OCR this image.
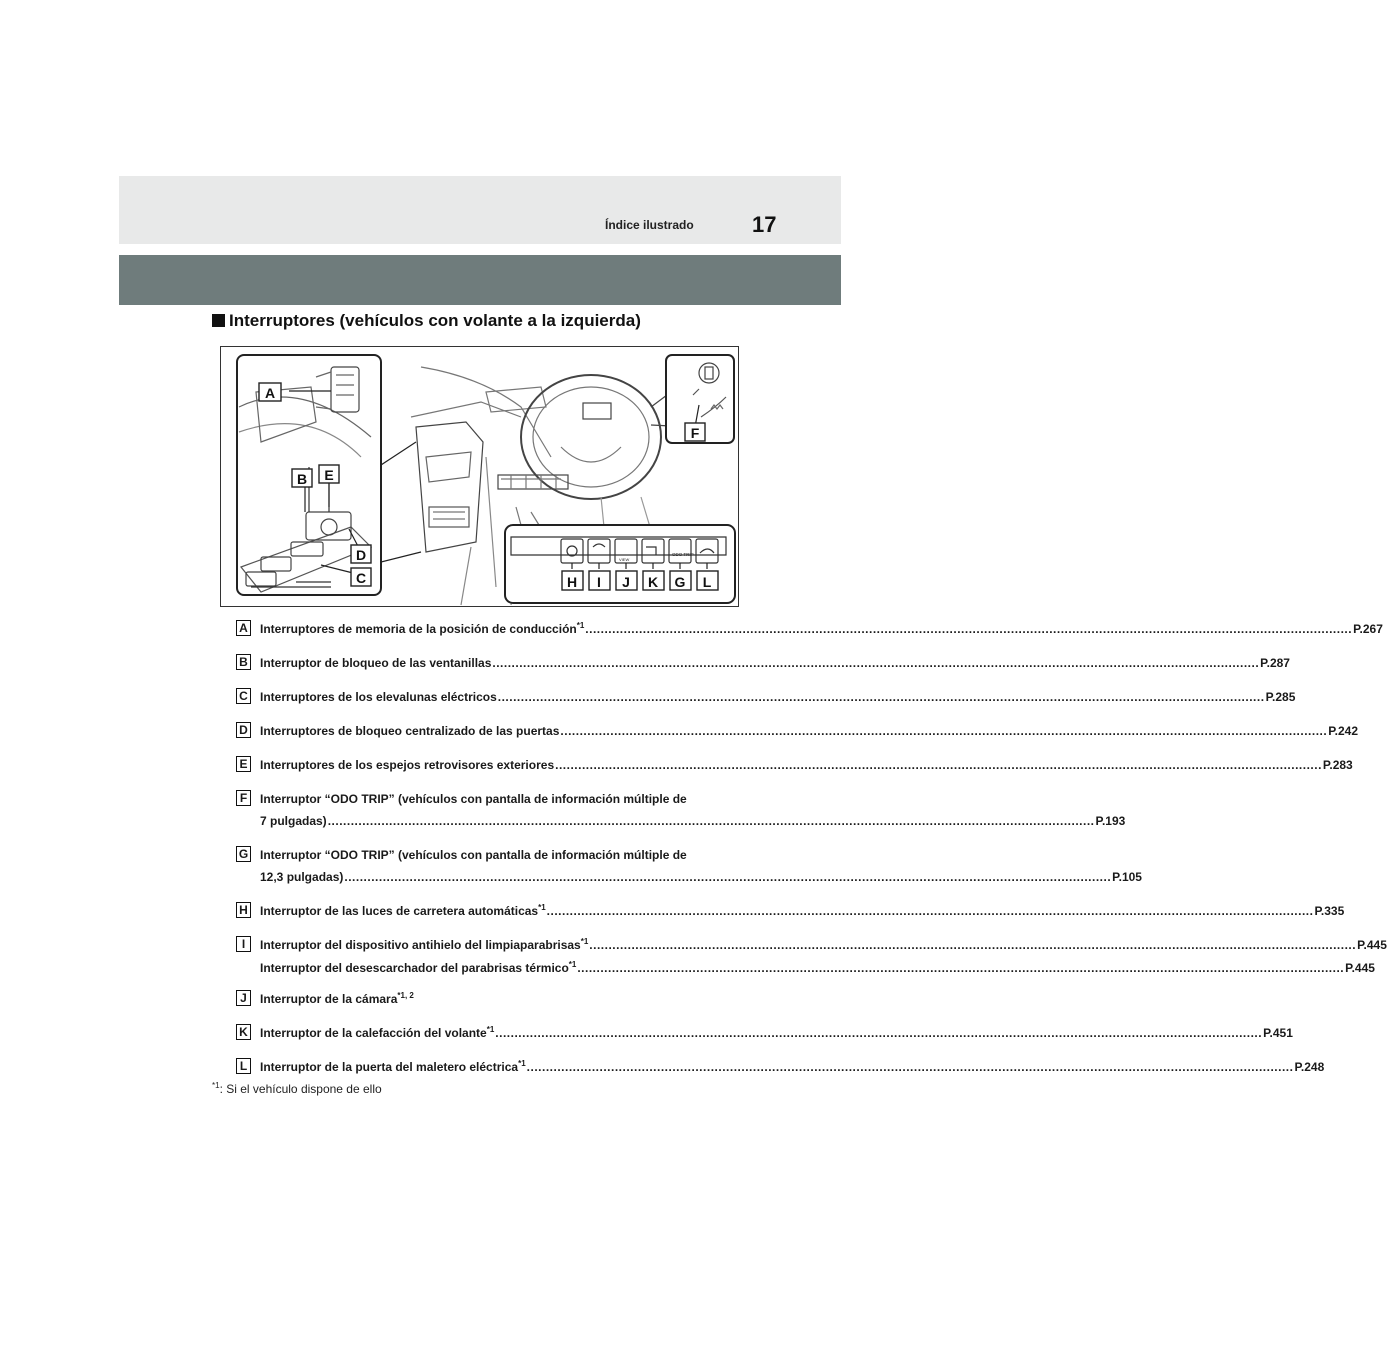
Índice ilustrado	17
Interruptores (vehículos con volante a la izquierda)
VIEW
ODO TRIP
A
B E
D
C
F
H I J K G L
A Interruptores de memoria de la posición de conducción$^{*1}$ ........................................................................................................................................................................................................ P.267
B Interruptor de bloqueo de las ventanillas ........................................................................................................................................................................................................ P.287
C Interruptores de los elevalunas eléctricos ........................................................................................................................................................................................................ P.285
D Interruptores de bloqueo centralizado de las puertas ........................................................................................................................................................................................................ P.242
E Interruptores de los espejos retrovisores exteriores ........................................................................................................................................................................................................ P.283
F	Interruptor “ODO TRIP” (vehículos con pantalla de información múltiple de
7 pulgadas) ........................................................................................................................................................................................................ P.193
G Interruptor “ODO TRIP” (vehículos con pantalla de información múltiple de
12,3 pulgadas) ........................................................................................................................................................................................................ P.105
H Interruptor de las luces de carretera automáticas$^{*1}$ ........................................................................................................................................................................................................ P.335
I	Interruptor del dispositivo antihielo del limpiaparabrisas$^{*1}$ ........................................................................................................................................................................................................ P.445
Interruptor del desescarchador del parabrisas térmico$^{*1}$ ........................................................................................................................................................................................................ P.445
J	Interruptor de la cámara$^{*1, 2}$
K Interruptor de la calefacción del volante$^{*1}$ ........................................................................................................................................................................................................ P.451
L	Interruptor de la puerta del maletero eléctrica$^{*1}$ ........................................................................................................................................................................................................ P.248
$^{*1}$: Si el vehículo dispone de ello
